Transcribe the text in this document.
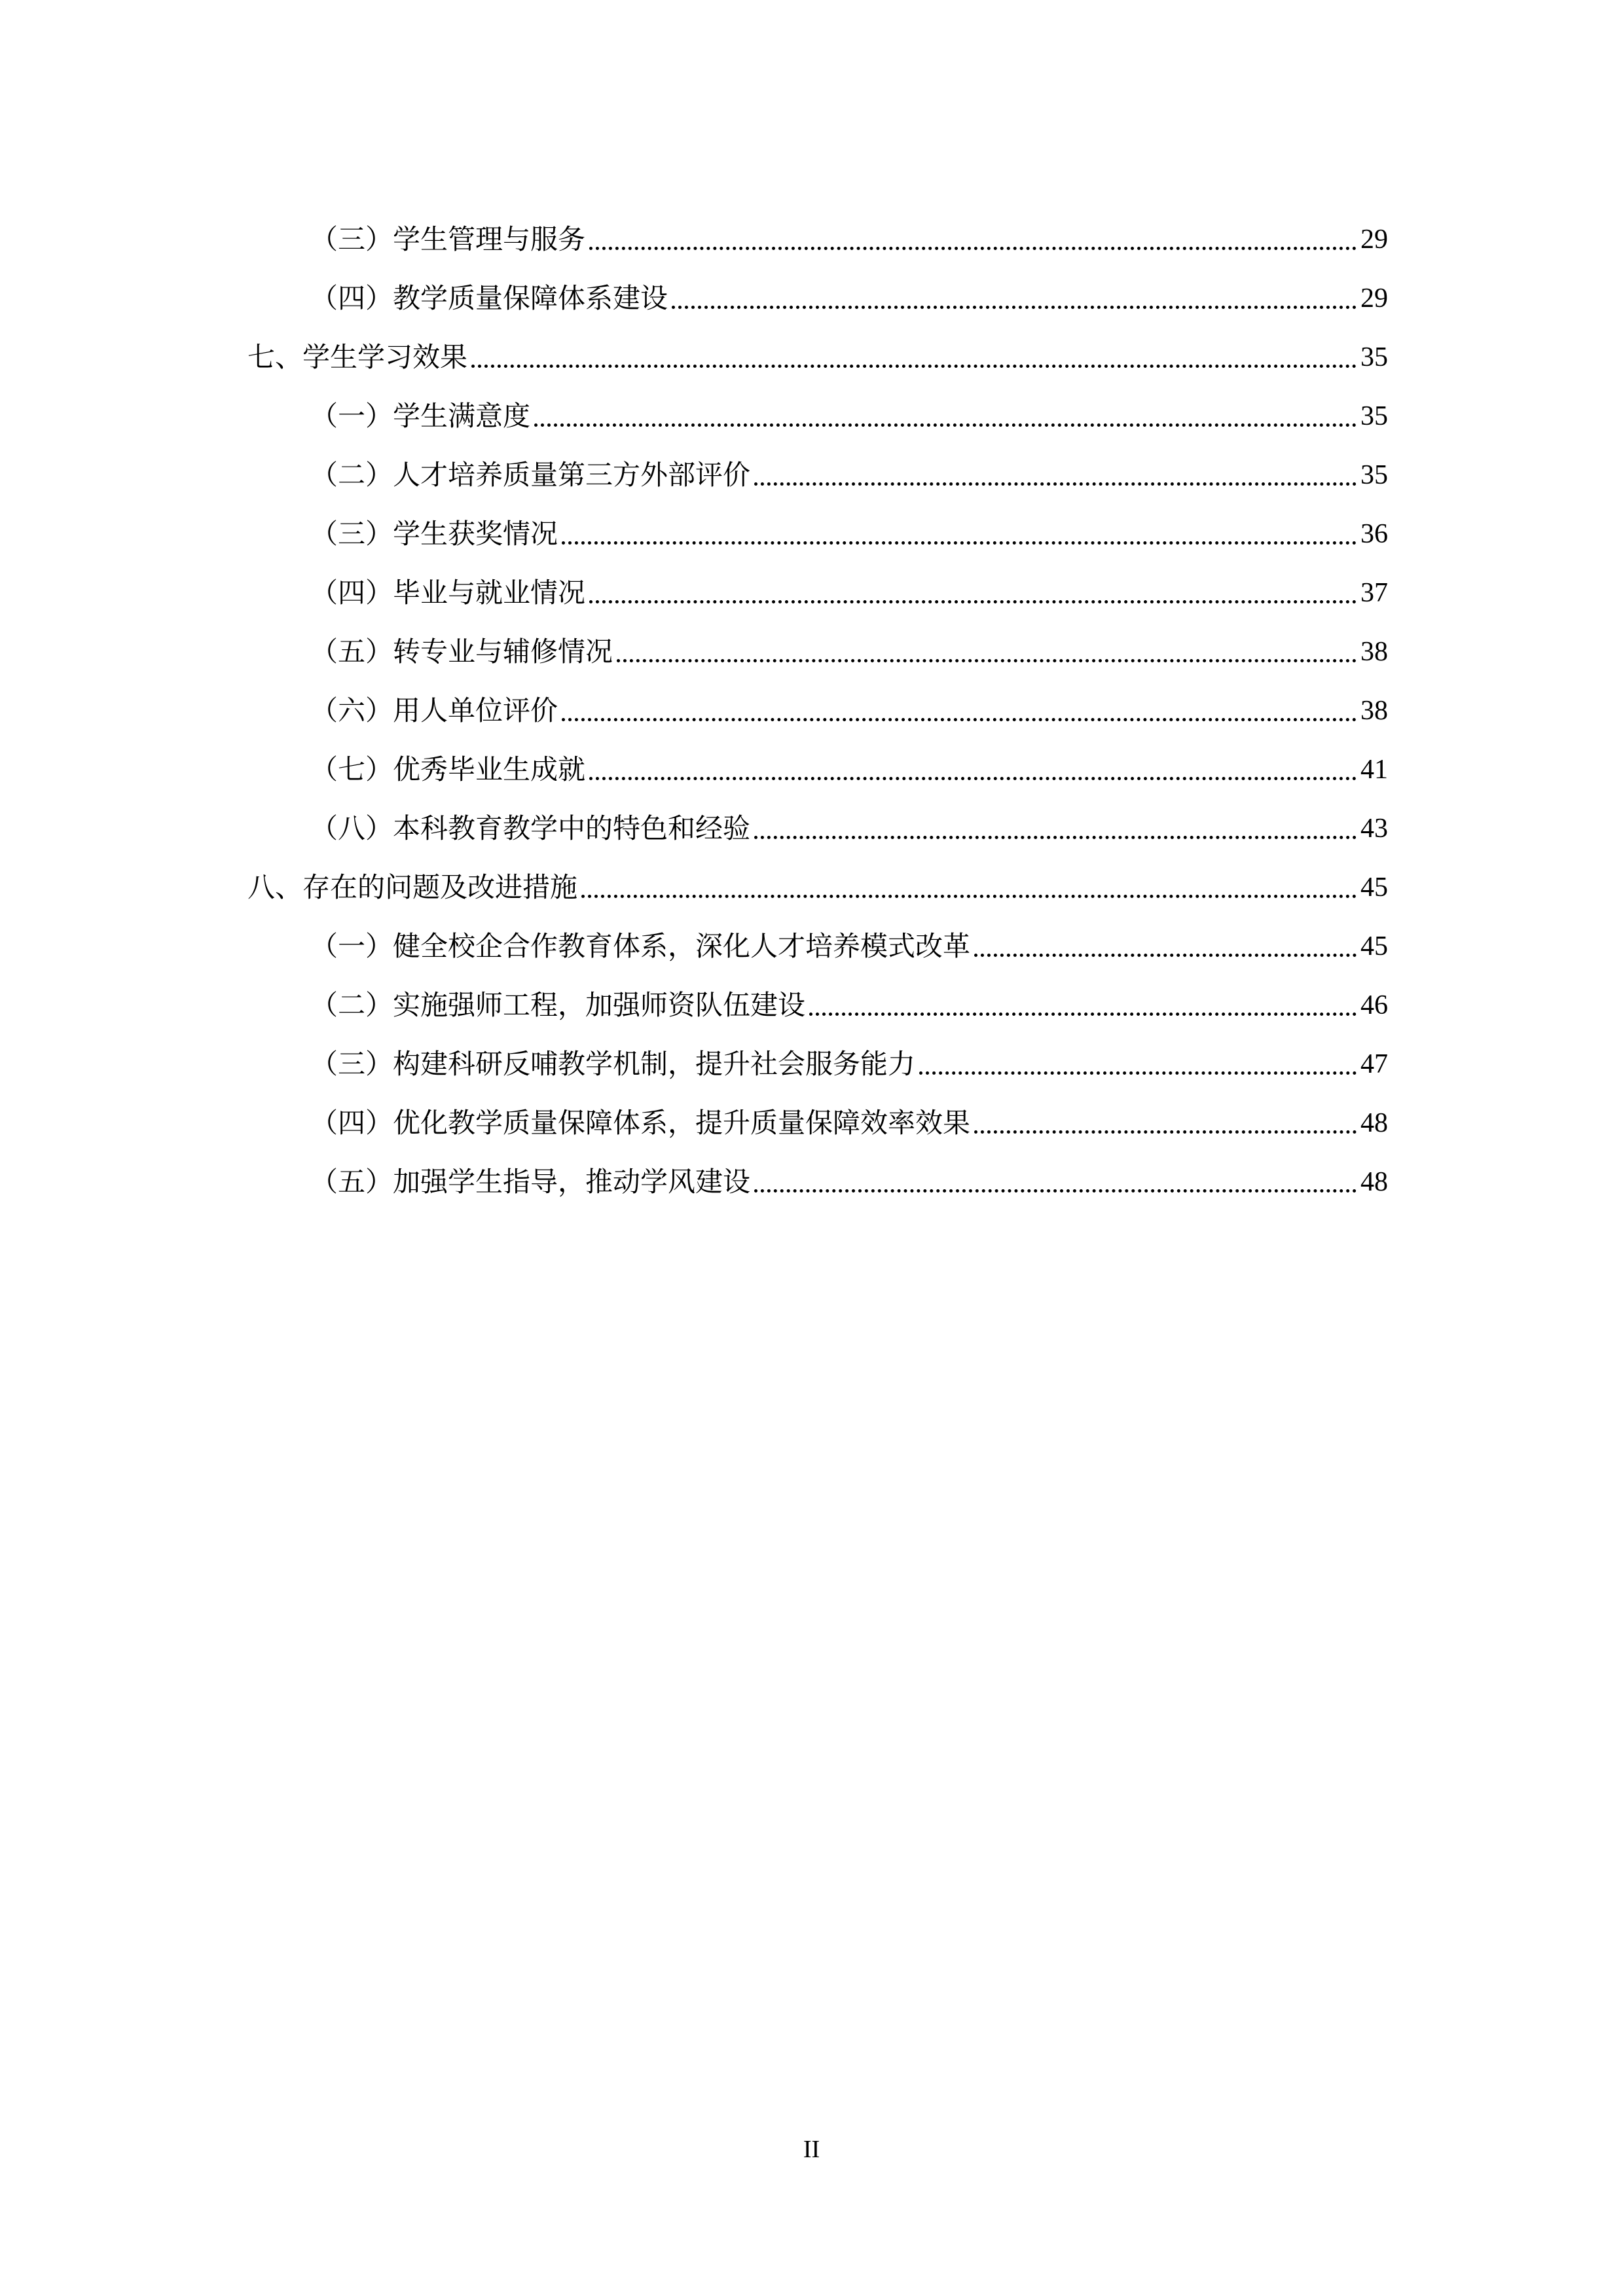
（三）学生管理与服务	29
（四）教学质量保障体系建设	29
七、学生学习效果	35
（一）学生满意度	35
（二）人才培养质量第三方外部评价	35
（三）学生获奖情况	36
（四）毕业与就业情况	37
（五）转专业与辅修情况	38
（六）用人单位评价	38
（七）优秀毕业生成就	41
（八）本科教育教学中的特色和经验	43
八、存在的问题及改进措施	45
（一）健全校企合作教育体系，深化人才培养模式改革	45
（二）实施强师工程，加强师资队伍建设	46
（三）构建科研反哺教学机制，提升社会服务能力	47
（四）优化教学质量保障体系，提升质量保障效率效果	48
（五）加强学生指导，推动学风建设	48
II
